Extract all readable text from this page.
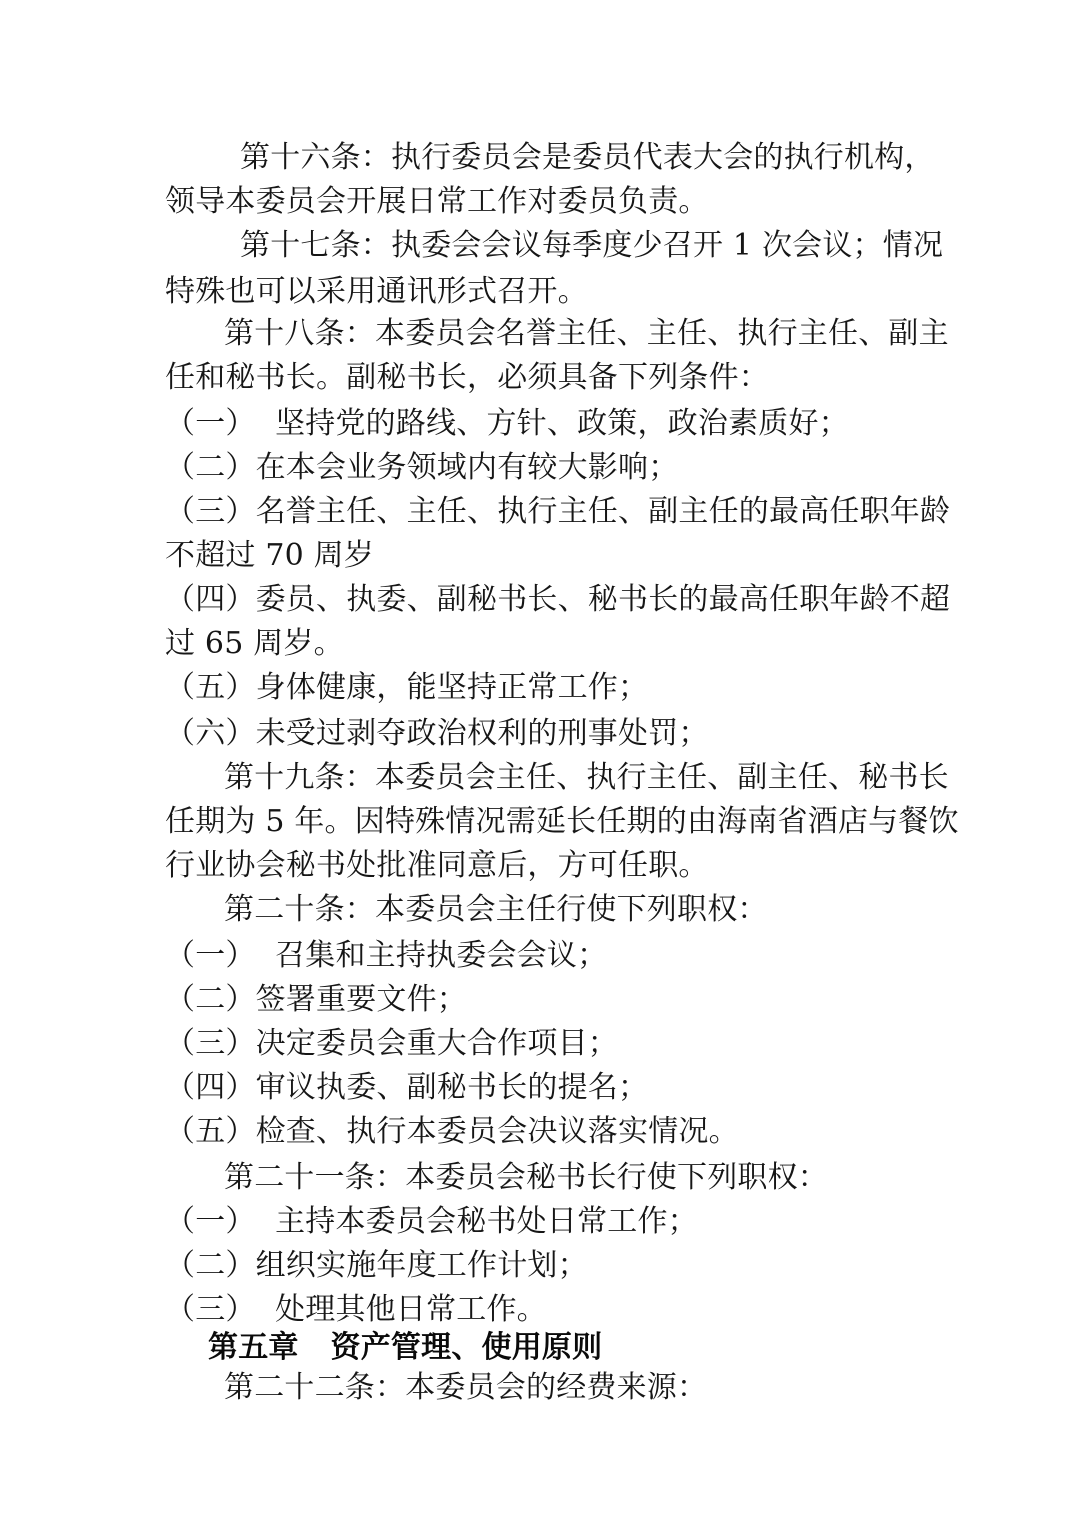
第十六条：执行委员会是委员代表大会的执行机构，
领导本委员会开展日常工作对委员负责。
第十七条：执委会会议每季度少召开 1 次会议；情况
特殊也可以采用通讯形式召开。
第十八条：本委员会名誉主任、主任、执行主任、副主
任和秘书长。副秘书长，必须具备下列条件：
（一）  坚持党的路线、方针、政策，政治素质好；
（二）在本会业务领域内有较大影响；
（三）名誉主任、主任、执行主任、副主任的最高任职年龄
不超过 70 周岁
（四）委员、执委、副秘书长、秘书长的最高任职年龄不超
过 65 周岁。
（五）身体健康，能坚持正常工作；
（六）未受过剥夺政治权利的刑事处罚；
第十九条：本委员会主任、执行主任、副主任、秘书长
任期为 5 年。因特殊情况需延长任期的由海南省酒店与餐饮
行业协会秘书处批准同意后，方可任职。
第二十条：本委员会主任行使下列职权：
（一）  召集和主持执委会会议；
（二）签署重要文件；
（三）决定委员会重大合作项目；
（四）审议执委、副秘书长的提名；
（五）检查、执行本委员会决议落实情况。
第二十一条：本委员会秘书长行使下列职权：
（一）  主持本委员会秘书处日常工作；
（二）组织实施年度工作计划；
（三）  处理其他日常工作。
第五章   资产管理、使用原则
第二十二条：本委员会的经费来源：
